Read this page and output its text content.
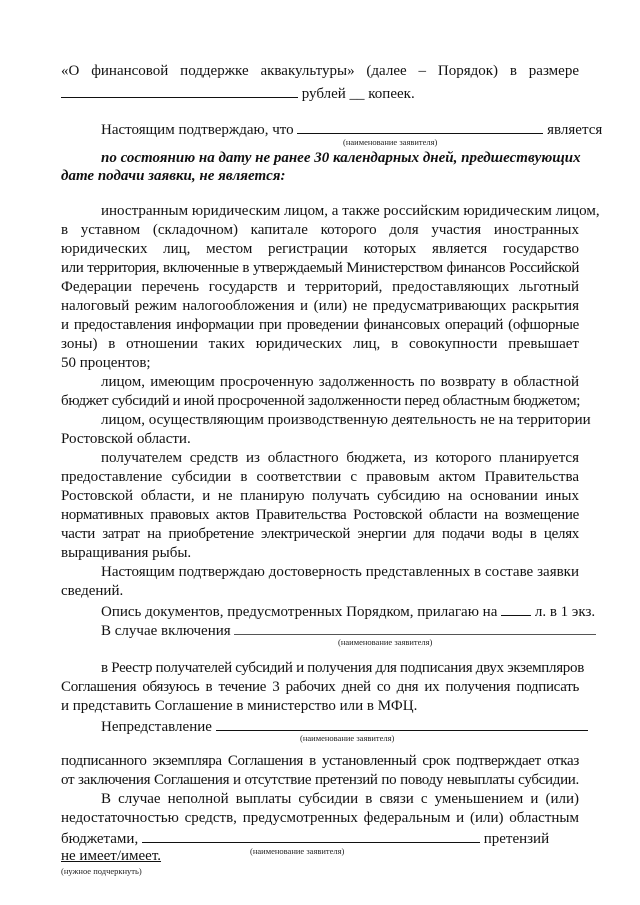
«О финансовой поддержке аквакультуры» (далее – Порядок) в размере
рублей __ копеек.
Настоящим подтверждаю, что	является
(наименование заявителя)
по состоянию на дату не ранее 30 календарных дней, предшествующих
дате подачи заявки, не является:
иностранным юридическим лицом, а также российским юридическим лицом,
в уставном (складочном) капитале которого доля участия иностранных
юридических лиц, местом регистрации которых является государство
или территория, включенные в утверждаемый Министерством финансов Российской
Федерации перечень государств и территорий, предоставляющих льготный
налоговый режим налогообложения и (или) не предусматривающих раскрытия
и предоставления информации при проведении финансовых операций (офшорные
зоны) в отношении таких юридических лиц, в совокупности превышает
50 процентов;
лицом, имеющим просроченную задолженность по возврату в областной
бюджет субсидий и иной просроченной задолженности перед областным бюджетом;
лицом, осуществляющим производственную деятельность не на территории
Ростовской области.
получателем средств из областного бюджета, из которого планируется
предоставление субсидии в соответствии с правовым актом Правительства
Ростовской области, и не планирую получать субсидию на основании иных
нормативных правовых актов Правительства Ростовской области на возмещение
части затрат на приобретение электрической энергии для подачи воды в целях
выращивания рыбы.
Настоящим подтверждаю достоверность представленных в составе заявки
сведений.
Опись документов, предусмотренных Порядком, прилагаю на	л. в 1 экз.
В случае включения
(наименование заявителя)
в Реестр получателей субсидий и получения для подписания двух экземпляров
Соглашения обязуюсь в течение 3 рабочих дней со дня их получения подписать
и представить Соглашение в министерство или в МФЦ.
Непредставление
(наименование заявителя)
подписанного экземпляра Соглашения в установленный срок подтверждает отказ
от заключения Соглашения и отсутствие претензий по поводу невыплаты субсидии.
В случае неполной выплаты субсидии в связи с уменьшением и (или)
недостаточностью средств, предусмотренных федеральным и (или) областным
бюджетами,	претензий
(наименование заявителя)
не имеет/имеет.
(нужное подчеркнуть)
